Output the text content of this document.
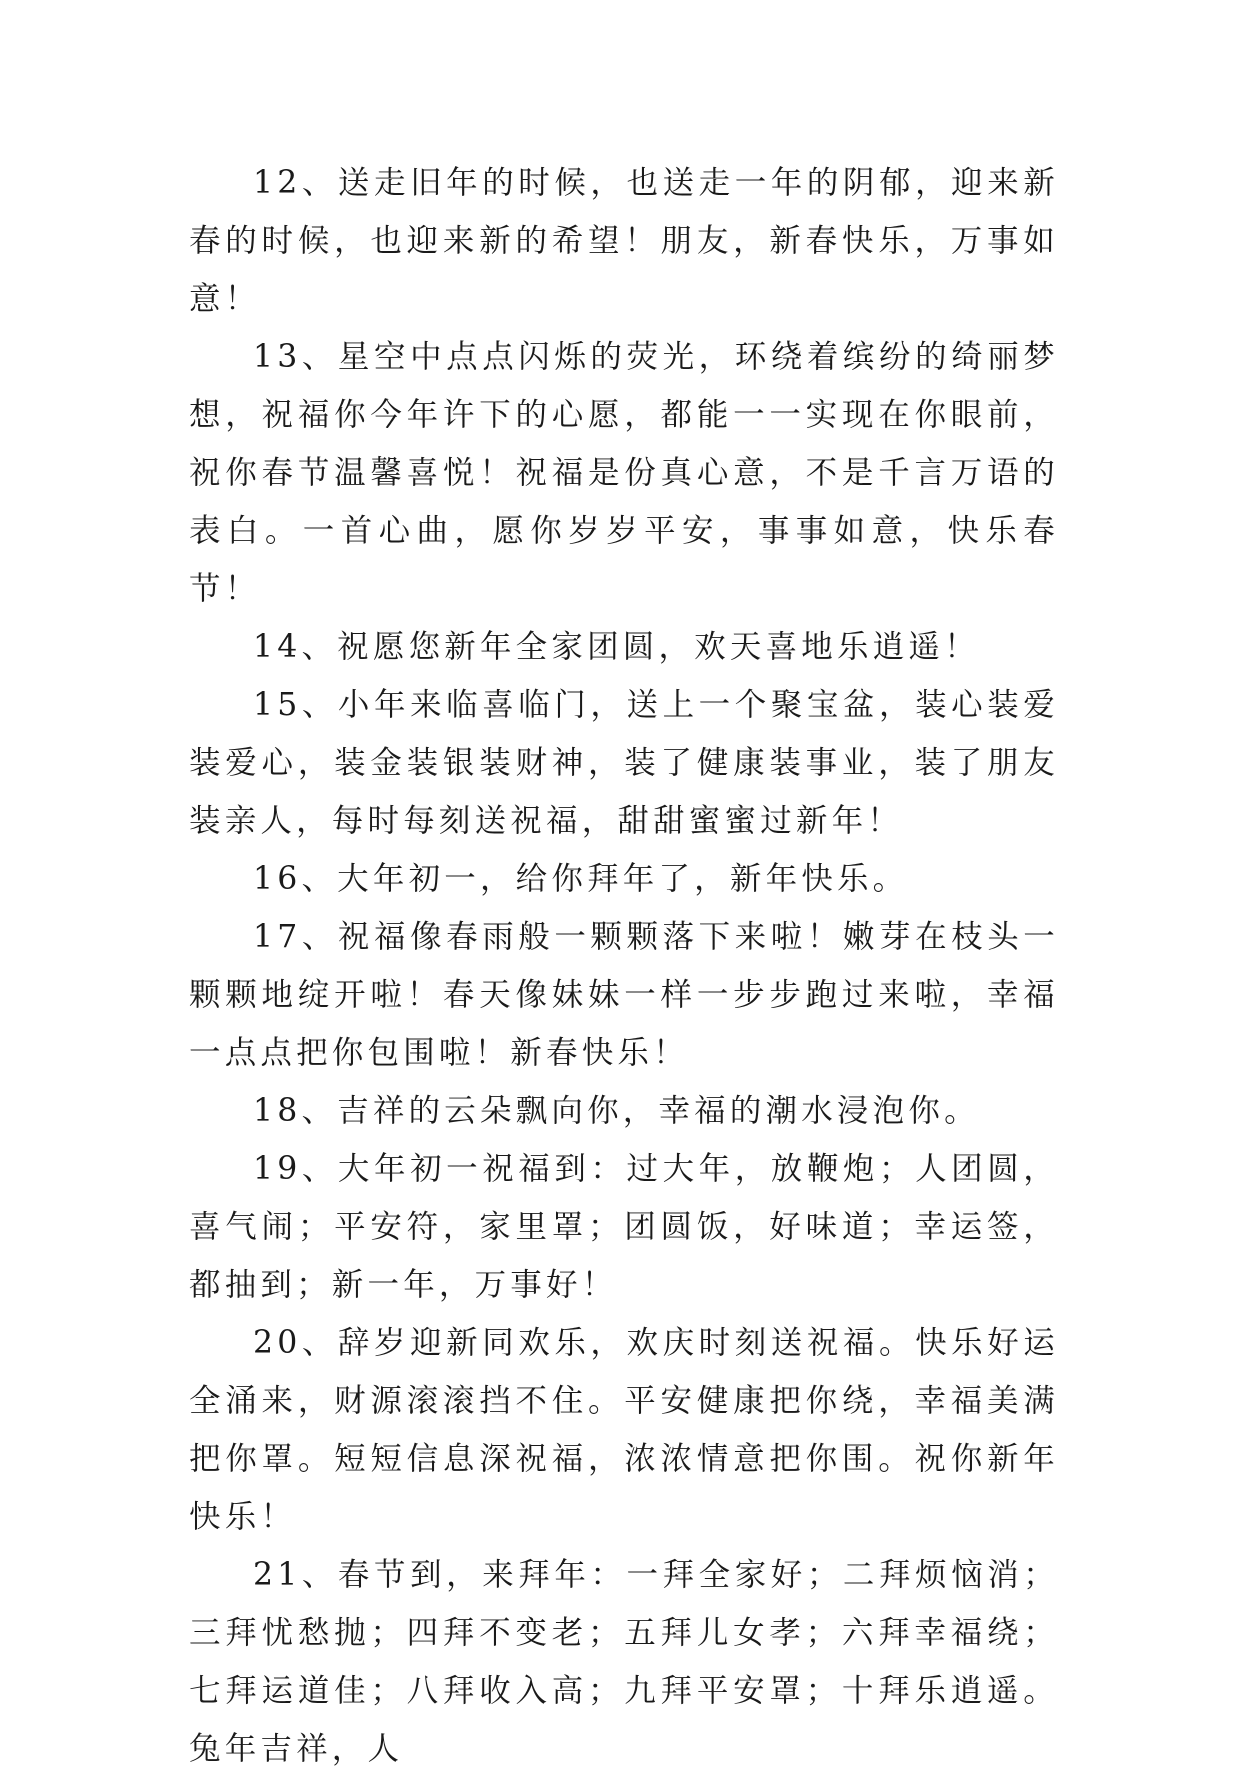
12、送走旧年的时候，也送走一年的阴郁，迎来新春的时候，也迎来新的希望！朋友，新春快乐，万事如意！

13、星空中点点闪烁的荧光，环绕着缤纷的绮丽梦想，祝福你今年许下的心愿，都能一一实现在你眼前，祝你春节温馨喜悦！祝福是份真心意，不是千言万语的表白。一首心曲，愿你岁岁平安，事事如意，快乐春节！

14、祝愿您新年全家团圆，欢天喜地乐逍遥！

15、小年来临喜临门，送上一个聚宝盆，装心装爱装爱心，装金装银装财神，装了健康装事业，装了朋友装亲人，每时每刻送祝福，甜甜蜜蜜过新年！

16、大年初一，给你拜年了，新年快乐。

17、祝福像春雨般一颗颗落下来啦！嫩芽在枝头一颗颗地绽开啦！春天像妹妹一样一步步跑过来啦，幸福一点点把你包围啦！新春快乐！

18、吉祥的云朵飘向你，幸福的潮水浸泡你。

19、大年初一祝福到：过大年，放鞭炮；人团圆，喜气闹；平安符，家里罩；团圆饭，好味道；幸运签，都抽到；新一年，万事好！

20、辞岁迎新同欢乐，欢庆时刻送祝福。快乐好运全涌来，财源滚滚挡不住。平安健康把你绕，幸福美满把你罩。短短信息深祝福，浓浓情意把你围。祝你新年快乐！

21、春节到，来拜年：一拜全家好；二拜烦恼消；三拜忧愁抛；四拜不变老；五拜儿女孝；六拜幸福绕；七拜运道佳；八拜收入高；九拜平安罩；十拜乐逍遥。兔年吉祥，人
